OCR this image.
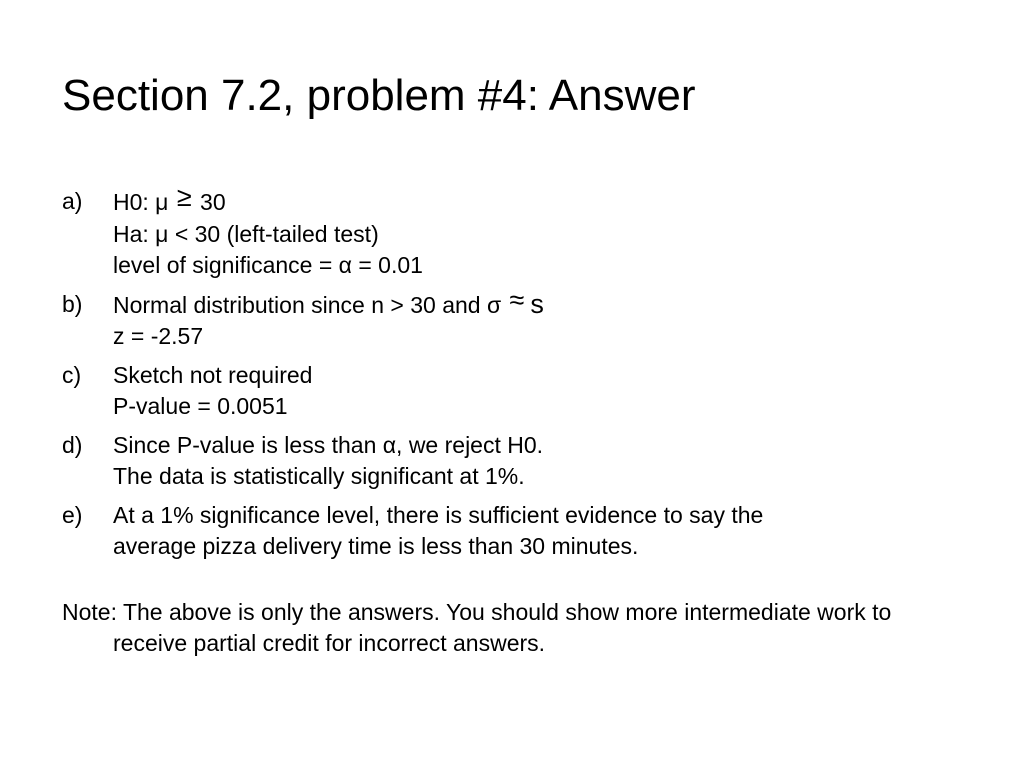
Section 7.2, problem #4: Answer
a) H0: μ ≥ 30
Ha: μ < 30 (left-tailed test)
level of significance = α = 0.01
b) Normal distribution since n > 30 and σ ≈ s
z = -2.57
c) Sketch not required
P-value = 0.0051
d) Since P-value is less than α, we reject H0.
The data is statistically significant at 1%.
e) At a 1% significance level, there is sufficient evidence to say the
average pizza delivery time is less than 30 minutes.
Note: The above is only the answers. You should show more intermediate work to receive partial credit for incorrect answers.
